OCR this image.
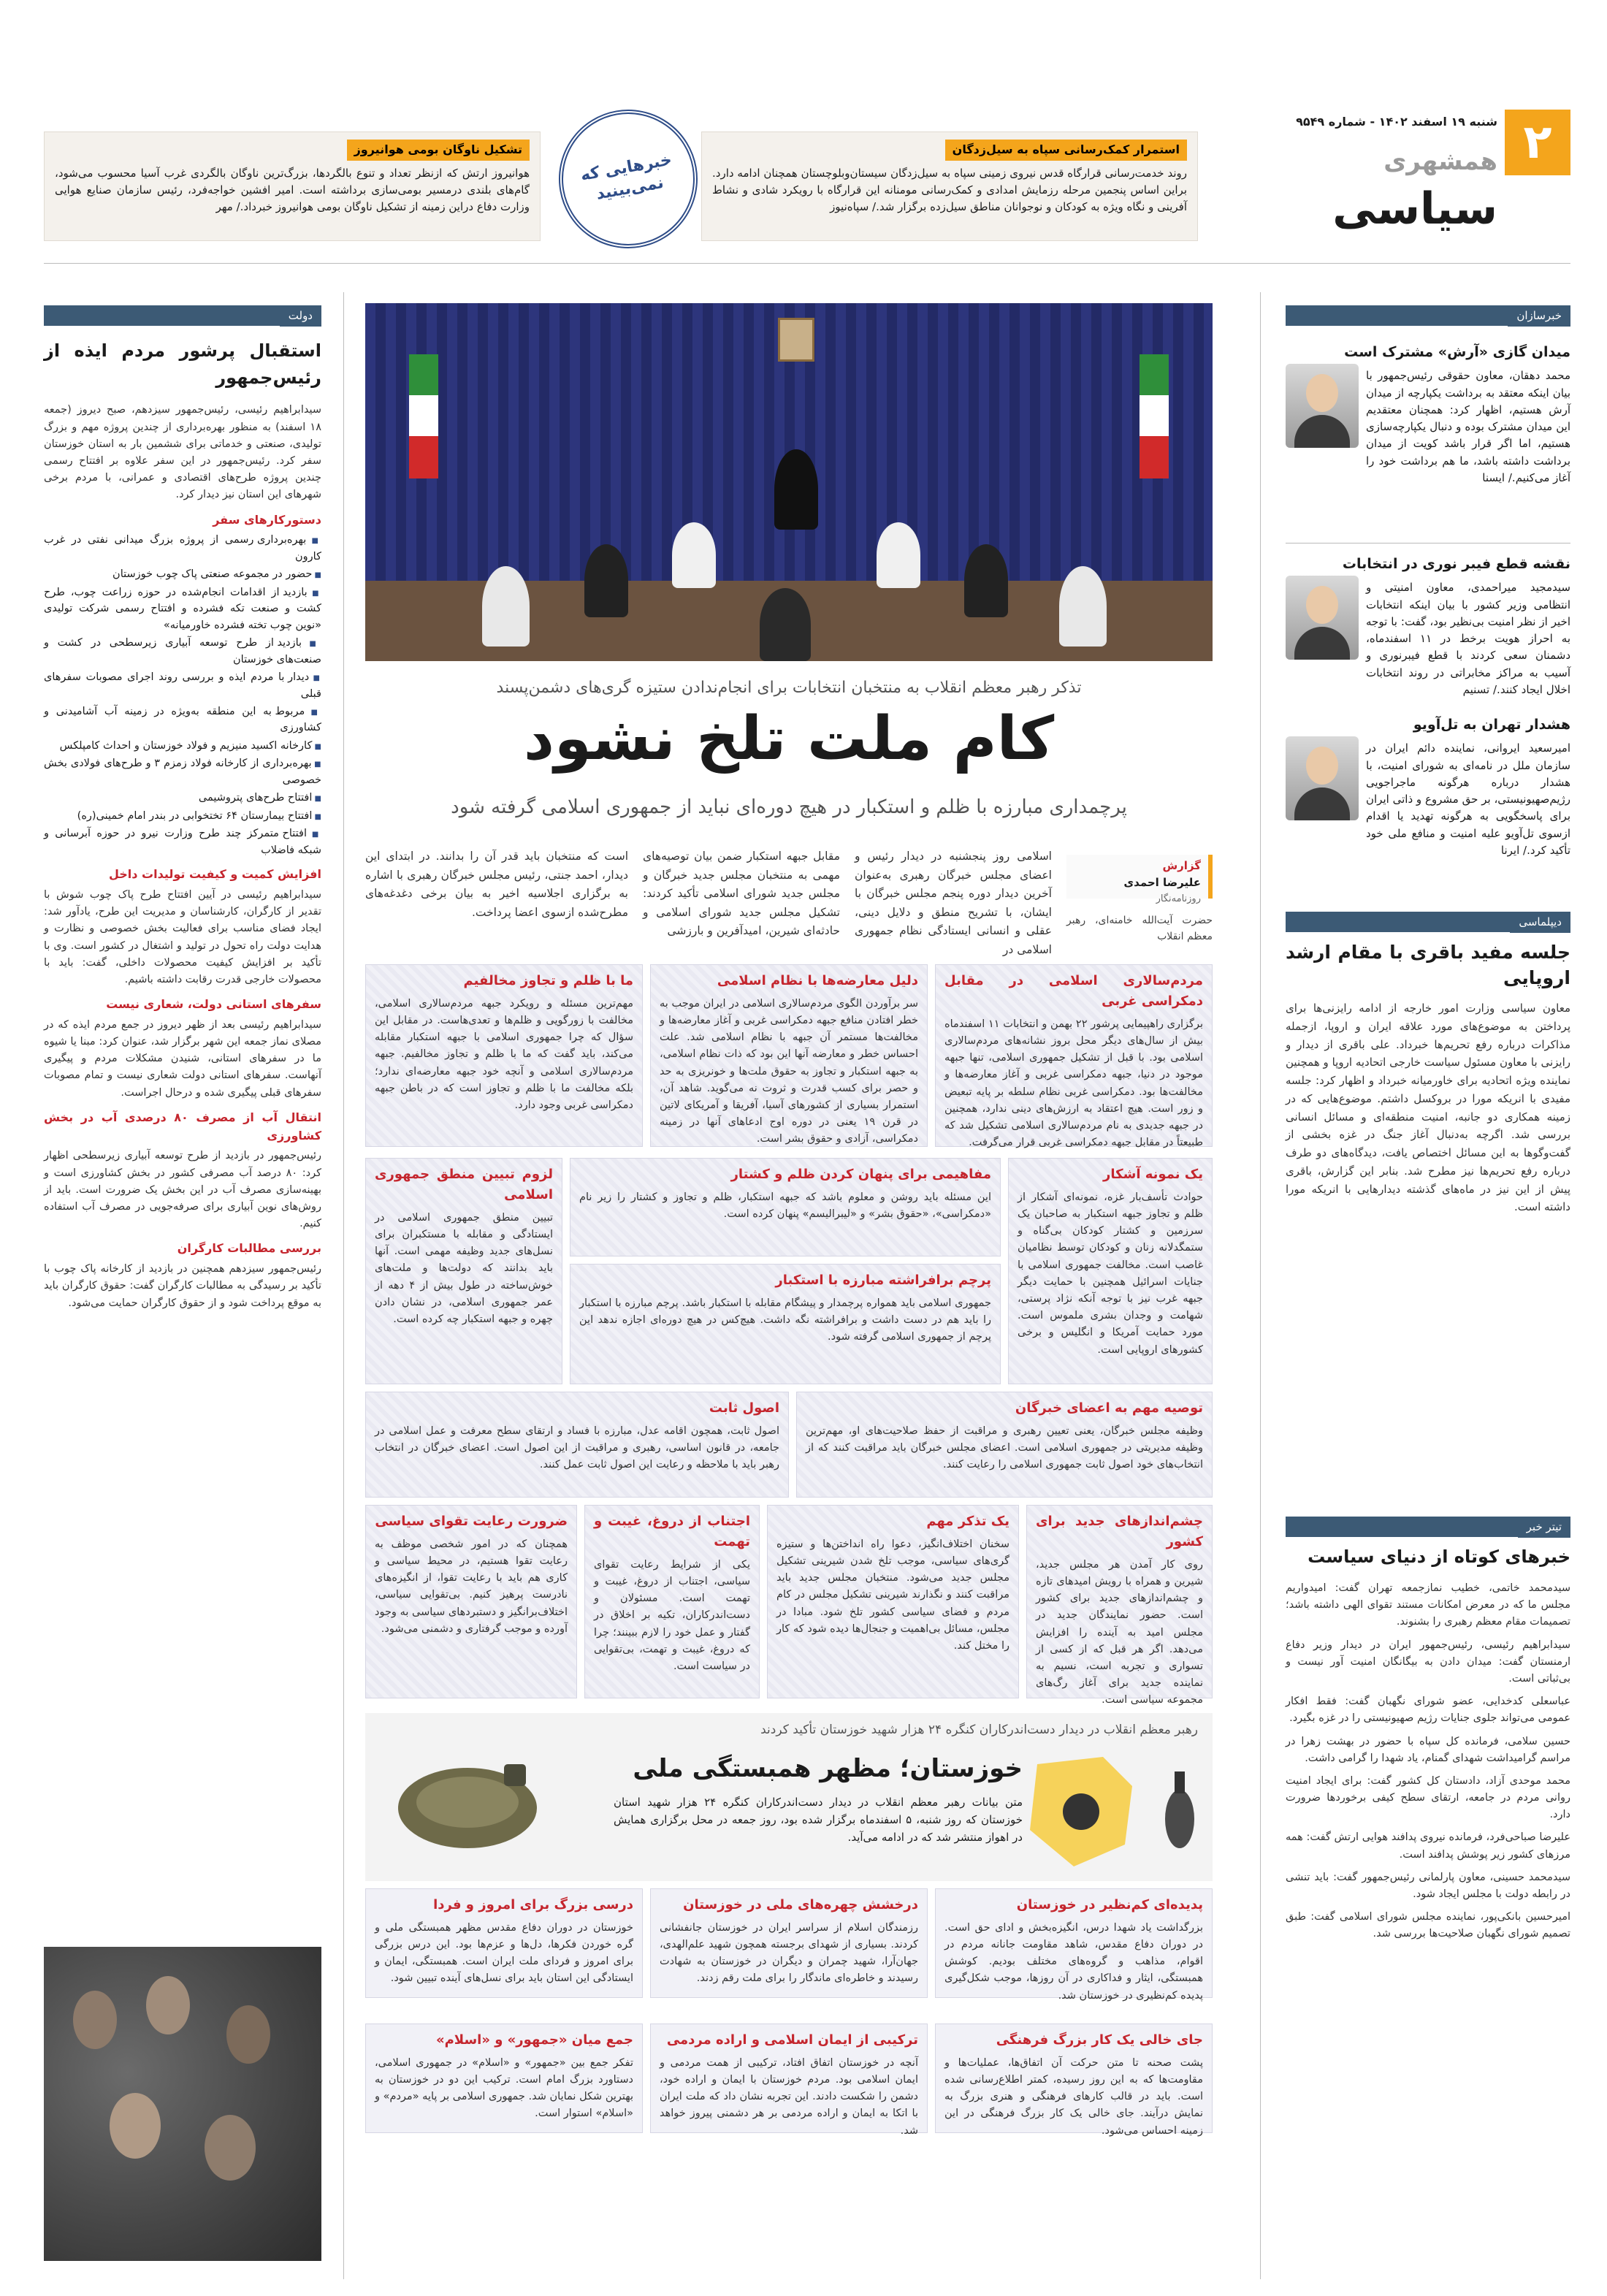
۲
شنبه ۱۹ اسفند ۱۴۰۲ - شماره ۹۵۴۹
همشهری
سیاسی
استمرار کمک‌رسانی سپاه به سیل‌زدگان
روند خدمت‌رسانی قرارگاه قدس نیروی زمینی سپاه به سیل‌زدگان سیستان‌وبلوچستان همچنان ادامه دارد. براین اساس پنجمین مرحله رزمایش امدادی و کمک‌رسانی مومنانه این قرارگاه با رویکرد شادی و نشاط آفرینی و نگاه ویژه به کودکان و نوجوانان مناطق سیل‌زده برگزار شد./ سپاه‌نیوز
خبرهایی که نمی‌بینید
تشکیل ناوگان بومی هوانیروز
هوانیروز ارتش که ازنظر تعداد و تنوع بالگردها، بزرگ‌ترین ناوگان بالگردی غرب آسیا محسوب می‌شود، گام‌های بلندی درمسیر بومی‌سازی برداشته است. امیر افشین خواجه‌فرد، رئیس سازمان صنایع هوایی وزارت دفاع دراین زمینه از تشکیل ناوگان بومی هوانیروز خبرداد./ مهر
خبرسازان
میدان گازی «آرش» مشترک است
محمد دهقان، معاون حقوقی رئیس‌جمهور با بیان اینکه معتقد به برداشت یکپارچه از میدان آرش هستیم، اظهار کرد: همچنان معتقدیم این میدان مشترک بوده و دنبال یکپارچه‌سازی هستیم، اما اگر قرار باشد کویت از میدان برداشت داشته باشد، ما هم برداشت خود را آغاز می‌کنیم./ ایسنا
نقشه قطع فیبر نوری در انتخابات
سیدمجید میراحمدی، معاون امنیتی و انتظامی وزیر کشور با بیان اینکه انتخابات اخیر از نظر امنیت بی‌نظیر بود، گفت: با توجه به احراز هویت برخط در ۱۱ اسفندماه، دشمنان سعی کردند با قطع فیبرنوری و آسیب به مراکز مخابراتی در روند انتخابات اخلال ایجاد کنند./ تسنیم
هشدار تهران به تل‌آویو
امیرسعید ایروانی، نماینده دائم ایران در سازمان ملل در نامه‌ای به شورای امنیت، با هشدار درباره هرگونه ماجراجویی رژیم‌صهیونیستی، بر حق مشروع و ذاتی ایران برای پاسخگویی به هرگونه تهدید یا اقدام ازسوی تل‌آویو علیه امنیت و منافع ملی خود تأکید کرد./ ایرنا
دیپلماسی
جلسه مفید باقری با مقام ارشد اروپایی
معاون سیاسی وزارت امور خارجه از ادامه رایزنی‌ها برای پرداختن به موضوع‌های مورد علاقه ایران و اروپا، ازجمله مذاکرات درباره رفع تحریم‌ها خبرداد. علی باقری از دیدار و رایزنی با معاون مسئول سیاست خارجی اتحادیه اروپا و همچنین نماینده ویژه اتحادیه برای خاورمیانه خبرداد و اظهار کرد: جلسه مفیدی با انریکه مورا در بروکسل داشتم. موضوع‌هایی که در زمینه همکاری دو جانبه، امنیت منطقه‌ای و مسائل انسانی بررسی شد. اگرچه به‌دنبال آغاز جنگ در غزه بخشی از گفت‌وگوها به این مسائل اختصاص یافت، دیدگاه‌های دو طرف درباره رفع تحریم‌ها نیز مطرح شد. بنابر این گزارش، باقری پیش از این نیز در ماه‌های گذشته دیدارهایی با انریکه مورا داشته است.
تیتر خبر
خبرهای کوتاه از دنیای سیاست

سیدمحمد خاتمی، خطیب نمازجمعه تهران گفت: امیدواریم مجلس ما که در معرض امکانات مستند تقوای الهی داشته باشد؛ تصمیمات مقام معظم رهبری را بشنوند.

سیدابراهیم رئیسی، رئیس‌جمهور ایران در دیدار وزیر دفاع ارمنستان گفت: میدان دادن به بیگانگان امنیت آور نیست و بی‌ثباتی است.

عباسعلی کدخدایی، عضو شورای نگهبان گفت: فقط افکار عمومی می‌تواند جلوی جنایات رژیم صهیونیستی را در غزه بگیرد.

حسین سلامی، فرمانده کل سپاه با حضور در بهشت زهرا در مراسم گرامیداشت شهدای گمنام، یاد شهدا را گرامی داشت.

محمد موحدی آزاد، دادستان کل کشور گفت: برای ایجاد امنیت روانی مردم در جامعه، ارتقای سطح کیفی برخوردها ضرورت دارد.

علیرضا صباحی‌فرد، فرمانده نیروی پدافند هوایی ارتش گفت: همه مرزهای کشور زیر پوشش پدافند است.

سیدمحمد حسینی، معاون پارلمانی رئیس‌جمهور گفت: باید تنشی در رابطه دولت با مجلس ایجاد شود.

امیرحسین بانکی‌پور، نماینده مجلس شورای اسلامی گفت: طبق تصمیم شورای نگهبان صلاحیت‌ها بررسی شد.

تذکر رهبر معظم انقلاب به منتخبان انتخابات برای انجام‌ندادن ستیزه گری‌های دشمن‌پسند
کام ملت تلخ نشود
پرچمداری مبارزه با ظلم و استکبار در هیچ دوره‌ای نباید از جمهوری اسلامی گرفته شود
گزارش
علیرضا احمدی
روزنامه‌نگار
حضرت آیت‌الله خامنه‌ای، رهبر معظم انقلاب
اسلامی روز پنجشنبه در دیدار رئیس و اعضای مجلس خبرگان رهبری به‌عنوان آخرین دیدار دوره پنجم مجلس خبرگان با ایشان، با تشریح منطق و دلایل دینی، عقلی و انسانی ایستادگی نظام جمهوری اسلامی در
مقابل جبهه استکبار ضمن بیان توصیه‌های مهمی به منتخبان مجلس جدید خبرگان و مجلس جدید شورای اسلامی تأکید کردند: تشکیل مجلس جدید شورای اسلامی و حادثه‌ای شیرین، امیدآفرین و بارزشی
است که منتخبان باید قدر آن را بدانند. در ابتدای این دیدار، احمد جنتی، رئیس مجلس خبرگان رهبری با اشاره به برگزاری اجلاسیه اخیر به بیان برخی دغدغه‌های مطرح‌شده ازسوی اعضا پرداخت.
مردم‌سالاری اسلامی در مقابل دمکراسی غربی

برگزاری راهپیمایی پرشور ۲۲ بهمن و انتخابات ۱۱ اسفندماه بیش از سال‌های دیگر محل بروز نشانه‌های مردم‌سالاری اسلامی بود. با قبل از تشکیل جمهوری اسلامی، تنها جبهه موجود در دنیا، جبهه دمکراسی غربی و آغاز معارضه‌ها و مخالفت‌ها بود. دمکراسی غربی نظام سلطه بر پایه تبعیض و زور است. هیچ اعتقاد به ارزش‌های دینی ندارد، همچنین در جبهه جدیدی به نام مردم‌سالاری اسلامی تشکیل شد که طبیعتاً در مقابل جبهه دمکراسی غربی قرار می‌گرفت.

دلیل معارضه‌ها با نظام اسلامی

سر برآوردن الگوی مردم‌سالاری اسلامی در ایران موجب به خطر افتادن منافع جبهه دمکراسی غربی و آغاز معارضه‌ها و مخالفت‌ها مستمر آن جبهه با نظام اسلامی شد. علت احساس خطر و معارضه آنها این بود که ذات نظام اسلامی، به جبهه استکبار و تجاوز به حقوق ملت‌ها و خونریزی به حد و حصر برای کسب قدرت و ثروت نه می‌گوید. شاهد آن، استمرار بسیاری از کشورهای آسیا، آفریقا و آمریکای لاتین در قرن ۱۹ یعنی در دوره اوج ادعاهای آنها در زمینه دمکراسی، آزادی و حقوق بشر است.

ما با ظلم و تجاوز مخالفیم

مهم‌ترین مسئله و رویکرد جبهه مردم‌سالاری اسلامی، مخالفت با زورگویی و ظلم‌ها و تعدی‌هاست. در مقابل این سؤال که چرا جمهوری اسلامی با جبهه استکبار مقابله می‌کند، باید گفت که ما با ظلم و تجاوز مخالفیم. جبهه مردم‌سالاری اسلامی و آنچه خود جبهه معارضه‌ای ندارد؛ بلکه مخالفت ما با ظلم و تجاوز است که در باطن جبهه دمکراسی غربی وجود دارد.

یک نمونه آشکار

حوادث تأسف‌بار غزه، نمونه‌ای آشکار از ظلم و تجاوز جبهه استکبار به صاحبان یک سرزمین و کشتار کودکان بی‌گناه و ستمگدلانه زنان و کودکان توسط نظامیان غاصب است. مخالفت جمهوری اسلامی با جنایات اسرائیل همچنین با حمایت دیگر جبهه غرب نیز با توجه آنکه نژاد پرستی، شهامت و وجدان بشری ملموس است. مورد حمایت آمریکا و انگلیس و برخی کشورهای اروپایی است.

مفاهیمی برای پنهان کردن ظلم و کشتار

این مسئله باید روشن و معلوم باشد که جبهه استکبار، ظلم و تجاوز و کشتار را زیر نام «دمکراسی»، «حقوق بشر» و «لیبرالیسم» پنهان کرده است.

لزوم تبیین منطق جمهوری اسلامی

تبیین منطق جمهوری اسلامی در ایستادگی و مقابله با مستکبران برای نسل‌های جدید وظیفه مهمی است. آنها باید بدانند که دولت‌ها و ملت‌های خوش‌ساخته در طول بیش از ۴ دهه از عمر جمهوری اسلامی، در نشان دادن چهره و جبهه استکبار چه کرده است.

پرچم برافراشته مبارزه با استکبار

جمهوری اسلامی باید همواره پرچمدار و پیشگام مقابله با استکبار باشد. پرچم مبارزه با استکبار را باید هم در دست داشت و برافراشته نگه داشت. هیچ‌کس در هیچ دوره‌ای اجازه ندهد این پرچم از جمهوری اسلامی گرفته شود.

توصیه مهم به اعضای خبرگان

وظیفه مجلس خبرگان، یعنی تعیین رهبری و مراقبت از حفظ صلاحیت‌های او، مهم‌ترین وظیفه مدیریتی در جمهوری اسلامی است. اعضای مجلس خبرگان باید مراقبت کنند که از انتخاب‌های خود اصول ثابت جمهوری اسلامی را رعایت کنند.

اصول ثابت

اصول ثابت، همچون اقامه عدل، مبارزه با فساد و ارتقای سطح معرفت و عمل اسلامی در جامعه، در قانون اساسی، رهبری و مراقبت از این اصول است. اعضای خبرگان در انتخاب رهبر باید با ملاحظه و رعایت این اصول ثابت عمل کنند.

چشم‌اندازهای جدید برای کشور

روی کار آمدن هر مجلس جدید، شیرین و همراه با رویش امیدهای تازه و چشم‌اندازهای جدید برای کشور است. حضور نمایندگان جدید در مجلس امید به آینده را افزایش می‌دهد. اگر هر قبل که از کسی از تسواری و تجربه است، نسیم به نماینده جدید برای آغاز رگ‌های مجموعه سیاسی است.

یک تذکر مهم

سخنان اختلاف‌انگیز، دعوا راه انداختن‌ها و ستیزه گری‌های سیاسی، موجب تلخ شدن شیرینی تشکیل مجلس جدید می‌شود. منتخبان مجلس جدید باید مراقبت کنند و نگذارند شیرینی تشکیل مجلس در کام مردم و فضای سیاسی کشور تلخ شود. مبادا در مجلس، مسائل بی‌اهمیت و جنجال‌ها دیده شود که کار را مختل کند.

اجتناب از دروغ، غیبت و تهمت

یکی از شرایط رعایت تقوای سیاسی، اجتناب از دروغ، غیبت و تهمت است. مسئولان و دست‌اندرکاران، تکیه بر اخلاق در گفتار و عمل خود را لازم ببینند؛ چرا که دروغ، غیبت و تهمت، بی‌تقوایی در سیاست است.

ضرورت رعایت تقوای سیاسی

همچنان که در امور شخصی موظف به رعایت تقوا هستیم، در محیط سیاسی و کاری هم باید با رعایت تقوا، از انگیزه‌های نادرست پرهیز کنیم. بی‌تقوایی سیاسی، اختلاف‌برانگیز و دستبردهای سیاسی به وجود آورده و موجب گرفتاری و دشمنی می‌شود.

رهبر معظم انقلاب در دیدار دست‌اندرکاران کنگره ۲۴ هزار شهید خوزستان تأکید کردند
خوزستان؛ مظهر همبستگی ملی
متن بیانات رهبر معظم انقلاب در دیدار دست‌اندرکاران کنگره ۲۴ هزار شهید استان خوزستان که روز شنبه، ۵ اسفندماه برگزار شده بود، روز جمعه در محل برگزاری همایش در اهواز منتشر شد که در ادامه می‌آید.
پدیده‌ای کم‌نظیر در خوزستان

بزرگداشت یاد شهدا درس، انگیزه‌بخش و ادای حق است. در دوران دفاع مقدس، شاهد مقاومت جانانه مردم در اقوام، مذاهب و گروه‌های مختلف بودیم. کوشش همبستگی، ایثار و فداکاری در آن روزها، موجب شکل‌گیری پدیده کم‌نظیری در خوزستان شد.

درخشش چهره‌های ملی در خوزستان

رزمندگان اسلام از سراسر ایران در خوزستان جانفشانی کردند. بسیاری از شهدای برجسته همچون شهید علم‌الهدی، جهان‌آرا، شهید چمران و دیگران در خوزستان به شهادت رسیدند و خاطره‌ای ماندگار را برای ملت رقم زدند.

درسی بزرگ برای امروز و فردا

خوزستان در دوران دفاع مقدس مظهر همبستگی ملی و گره خوردن فکرها، دل‌ها و عزم‌ها بود. این درس بزرگی برای امروز و فردای ملت ایران است. همبستگی، ایمان و ایستادگی این استان باید برای نسل‌های آینده تبیین شود.

جای خالی یک کار بزرگ فرهنگی

پشت صحنه تا متن حرکت آن اتفاق‌ها، عملیات‌ها و مقاومت‌ها که به این روز رسیده، کمتر اطلاع‌رسانی شده است. باید در قالب کارهای فرهنگی و هنری بزرگ به نمایش درآیند. جای خالی یک کار بزرگ فرهنگی در این زمینه احساس می‌شود.

ترکیبی از ایمان اسلامی و اراده مردمی

آنچه در خوزستان اتفاق افتاد، ترکیبی از همت مردمی و ایمان اسلامی بود. مردم خوزستان با ایمان و اراده خود، دشمن را شکست دادند. این تجربه نشان داد که ملت ایران با اتکا به ایمان و اراده مردمی بر هر دشمنی پیروز خواهد شد.

جمع میان «جمهور» و «اسلام»

تفکر جمع بین «جمهور» و «اسلام» در جمهوری اسلامی، دستاورد بزرگ امام است. ترکیب این دو در خوزستان به بهترین شکل نمایان شد. جمهوری اسلامی بر پایه «مردم» و «اسلام» استوار است.

دولت
استقبال پرشور مردم ایذه از رئیس‌جمهور

سیدابراهیم رئیسی، رئیس‌جمهور سیزدهم، صبح دیروز (جمعه ۱۸ اسفند) به منظور بهره‌برداری از چندین پروژه مهم و بزرگ تولیدی، صنعتی و خدماتی برای ششمین بار به استان خوزستان سفر کرد. رئیس‌جمهور در این سفر علاوه بر افتتاح رسمی چندین پروژه طرح‌های اقتصادی و عمرانی، با مردم برخی شهرهای این استان نیز دیدار کرد.

دستورکارهای سفر
■ بهره‌برداری رسمی از پروژه بزرگ میدانی نفتی در غرب کارون
■ حضور در مجموعه صنعتی پاک چوب خوزستان
■ بازدید از اقدامات انجام‌شده در حوزه زراعت چوب، طرح کشت و صنعت تکه فشرده و افتتاح رسمی شرکت تولیدی «نوین چوب تخته فشرده خاورمیانه»
■ بازدید از طرح توسعه آبیاری زیرسطحی در کشت و صنعت‌های خوزستان
■ دیدار با مردم ایذه و بررسی روند اجرای مصوبات سفرهای قبلی
■ مربوط به این منطقه به‌ویژه در زمینه آب آشامیدنی و کشاورزی
■ کارخانه اکسید منیزیم و فولاد خوزستان و احداث کامپلکس
■ بهره‌برداری از کارخانه فولاد زمزم ۳ و طرح‌های فولادی بخش خصوصی
■ افتتاح طرح‌های پتروشیمی
■ افتتاح بیمارستان ۶۴ تختخوابی در بندر امام خمینی(ره)
■ افتتاح متمرکز چند طرح وزارت نیرو در حوزه آبرسانی و شبکه فاضلاب
افزایش کمیت و کیفیت تولیدات داخل

سیدابراهیم رئیسی در آیین افتتاح طرح پاک چوب شوش با تقدیر از کارگران، کارشناسان و مدیریت این طرح، یادآور شد: ایجاد فضای مناسب برای فعالیت بخش خصوصی و نظارت و هدایت دولت راه تحول در تولید و اشتغال در کشور است. وی با تأکید بر افزایش کیفیت محصولات داخلی، گفت: باید با محصولات خارجی قدرت رقابت داشته باشیم.

سفرهای استانی دولت، شعاری نیست

سیدابراهیم رئیسی بعد از ظهر دیروز در جمع مردم ایذه که در مصلای نماز جمعه این شهر برگزار شد، عنوان کرد: مبنا یا شیوه ما در سفرهای استانی، شنیدن مشکلات مردم و پیگیری آنهاست. سفرهای استانی دولت شعاری نیست و تمام مصوبات سفرهای قبلی پیگیری شده و درحال اجراست.

انتقال آب از مصرف ۸۰ درصدی آب در بخش کشاورزی

رئیس‌جمهور در بازدید از طرح توسعه آبیاری زیرسطحی اظهار کرد: ۸۰ درصد آب مصرفی کشور در بخش کشاورزی است و بهینه‌سازی مصرف آب در این بخش یک ضرورت است. باید از روش‌های نوین آبیاری برای صرفه‌جویی در مصرف آب استفاده کنیم.

بررسی مطالبات کارگران

رئیس‌جمهور سیزدهم همچنین در بازدید از کارخانه پاک چوب با تأکید بر رسیدگی به مطالبات کارگران گفت: حقوق کارگران باید به موقع پرداخت شود و از حقوق کارگران حمایت می‌شود.
